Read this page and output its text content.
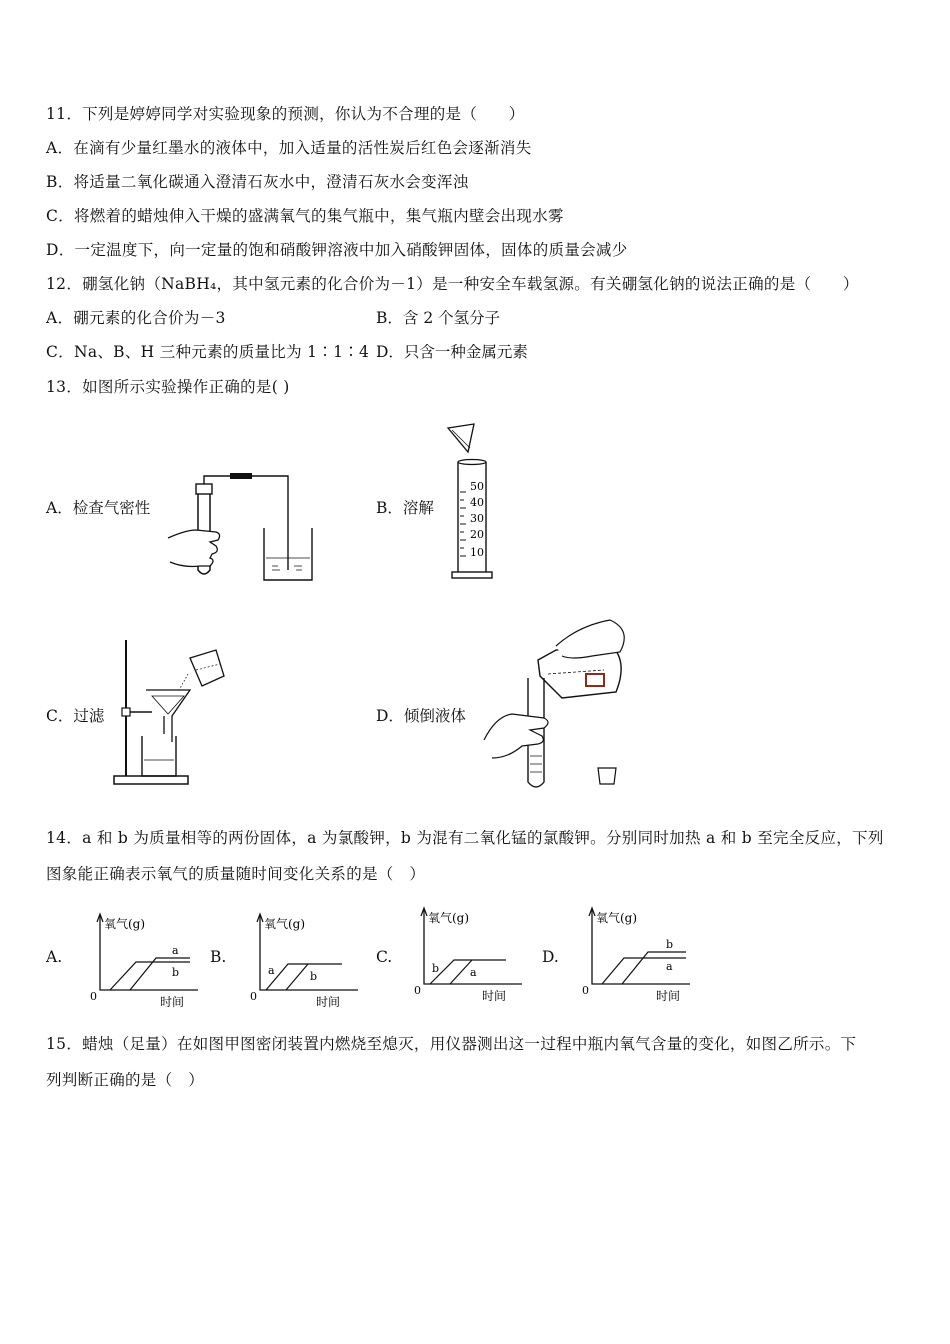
11．下列是婷婷同学对实验现象的预测，你认为不合理的是（　　）
A．在滴有少量红墨水的液体中，加入适量的活性炭后红色会逐渐消失
B．将适量二氧化碳通入澄清石灰水中，澄清石灰水会变浑浊
C．将燃着的蜡烛伸入干燥的盛满氧气的集气瓶中，集气瓶内壁会出现水雾
D．一定温度下，向一定量的饱和硝酸钾溶液中加入硝酸钾固体，固体的质量会减少
12．硼氢化钠（NaBH₄，其中氢元素的化合价为－1）是一种安全车载氢源。有关硼氢化钠的说法正确的是（　　）
A．硼元素的化合价为－3	B．含 2 个氢分子
C．Na、B、H 三种元素的质量比为 1∶1∶4 D．只含一种金属元素
13．如图所示实验操作正确的是( )
A．检查气密性	B．溶解
C．过滤	D．倾倒液体
50
40
30
20
10
14．a 和 b 为质量相等的两份固体，a 为氯酸钾，b 为混有二氧化锰的氯酸钾。分别同时加热 a 和 b 至完全反应，下列
图象能正确表示氧气的质量随时间变化关系的是（　）
A.	B.	C.	D.
氧气(g)
0	时间
a
b
氧气(g)
0	时间
a	b
氧气(g)
0	时间
b	a
氧气(g)
0	时间
b
a
15．蜡烛（足量）在如图甲图密闭装置内燃烧至熄灭，用仪器测出这一过程中瓶内氧气含量的变化，如图乙所示。下
列判断正确的是（　）
